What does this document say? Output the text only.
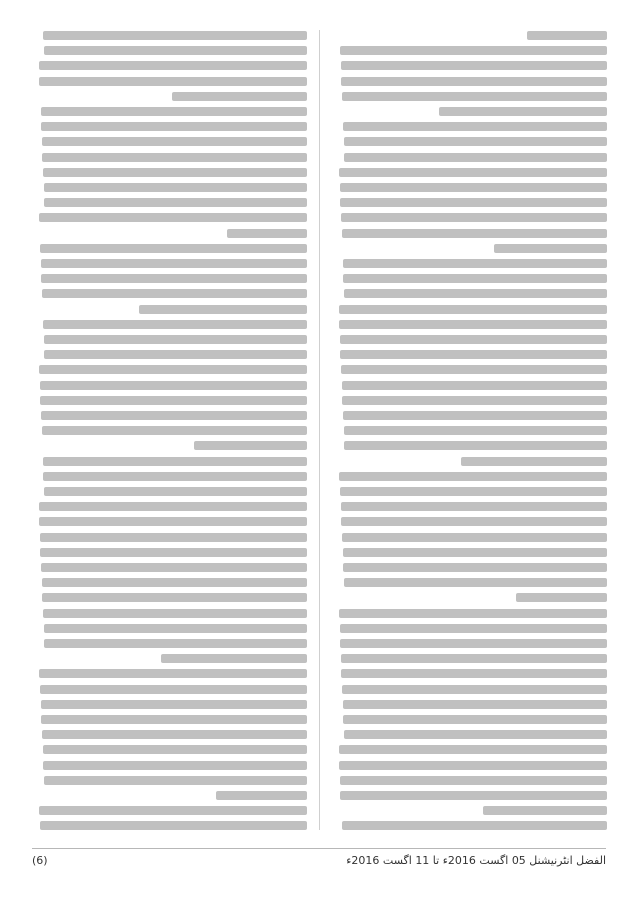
الفضل انٹرنیشنل 05 اگست 2016ء تا 11 اگست 2016ء
(6)
